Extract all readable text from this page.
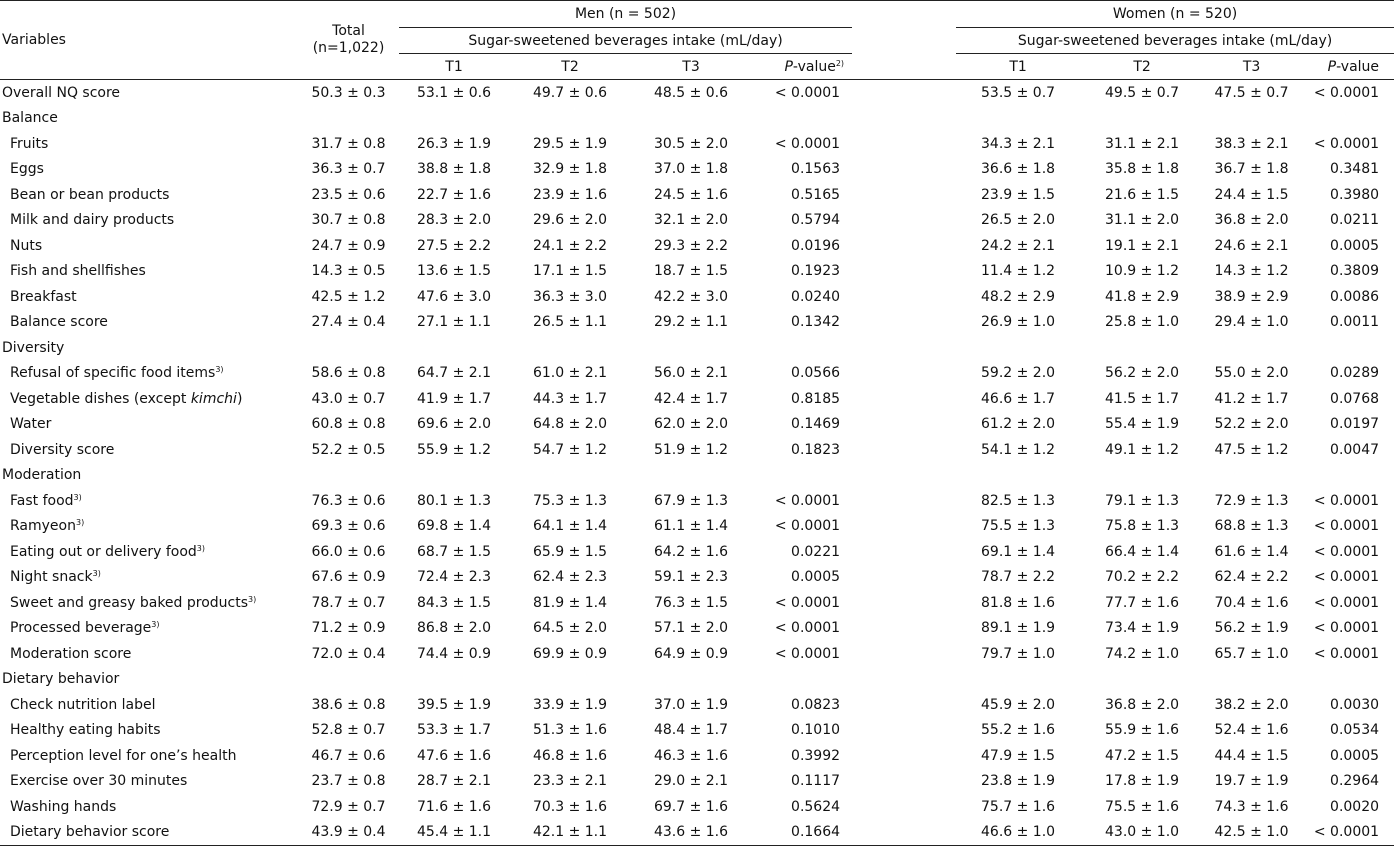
Variables	Total
(n=1,022)	Men (n = 502)					Women (n = 520)			
		Sugar-sweetened beverages intake (mL/day)					Sugar-sweetened beverages intake (mL/day)			
		T1	T2	T3	P-value$^{2)}$		T1	T2	T3	P-value
Overall NQ score	50.3 ± 0.3	53.1 ± 0.6	49.7 ± 0.6	48.5 ± 0.6	< 0.0001		53.5 ± 0.7	49.5 ± 0.7	47.5 ± 0.7	< 0.0001
Balance										
Fruits	31.7 ± 0.8	26.3 ± 1.9	29.5 ± 1.9	30.5 ± 2.0	< 0.0001		34.3 ± 2.1	31.1 ± 2.1	38.3 ± 2.1	< 0.0001
Eggs	36.3 ± 0.7	38.8 ± 1.8	32.9 ± 1.8	37.0 ± 1.8	0.1563		36.6 ± 1.8	35.8 ± 1.8	36.7 ± 1.8	0.3481
Bean or bean products	23.5 ± 0.6	22.7 ± 1.6	23.9 ± 1.6	24.5 ± 1.6	0.5165		23.9 ± 1.5	21.6 ± 1.5	24.4 ± 1.5	0.3980
Milk and dairy products	30.7 ± 0.8	28.3 ± 2.0	29.6 ± 2.0	32.1 ± 2.0	0.5794		26.5 ± 2.0	31.1 ± 2.0	36.8 ± 2.0	0.0211
Nuts	24.7 ± 0.9	27.5 ± 2.2	24.1 ± 2.2	29.3 ± 2.2	0.0196		24.2 ± 2.1	19.1 ± 2.1	24.6 ± 2.1	0.0005
Fish and shellfishes	14.3 ± 0.5	13.6 ± 1.5	17.1 ± 1.5	18.7 ± 1.5	0.1923		11.4 ± 1.2	10.9 ± 1.2	14.3 ± 1.2	0.3809
Breakfast	42.5 ± 1.2	47.6 ± 3.0	36.3 ± 3.0	42.2 ± 3.0	0.0240		48.2 ± 2.9	41.8 ± 2.9	38.9 ± 2.9	0.0086
Balance score	27.4 ± 0.4	27.1 ± 1.1	26.5 ± 1.1	29.2 ± 1.1	0.1342		26.9 ± 1.0	25.8 ± 1.0	29.4 ± 1.0	0.0011
Diversity										
Refusal of specific food items$^{3)}$	58.6 ± 0.8	64.7 ± 2.1	61.0 ± 2.1	56.0 ± 2.1	0.0566		59.2 ± 2.0	56.2 ± 2.0	55.0 ± 2.0	0.0289
Vegetable dishes (except kimchi)	43.0 ± 0.7	41.9 ± 1.7	44.3 ± 1.7	42.4 ± 1.7	0.8185		46.6 ± 1.7	41.5 ± 1.7	41.2 ± 1.7	0.0768
Water	60.8 ± 0.8	69.6 ± 2.0	64.8 ± 2.0	62.0 ± 2.0	0.1469		61.2 ± 2.0	55.4 ± 1.9	52.2 ± 2.0	0.0197
Diversity score	52.2 ± 0.5	55.9 ± 1.2	54.7 ± 1.2	51.9 ± 1.2	0.1823		54.1 ± 1.2	49.1 ± 1.2	47.5 ± 1.2	0.0047
Moderation										
Fast food$^{3)}$	76.3 ± 0.6	80.1 ± 1.3	75.3 ± 1.3	67.9 ± 1.3	< 0.0001		82.5 ± 1.3	79.1 ± 1.3	72.9 ± 1.3	< 0.0001
Ramyeon$^{3)}$	69.3 ± 0.6	69.8 ± 1.4	64.1 ± 1.4	61.1 ± 1.4	< 0.0001		75.5 ± 1.3	75.8 ± 1.3	68.8 ± 1.3	< 0.0001
Eating out or delivery food$^{3)}$	66.0 ± 0.6	68.7 ± 1.5	65.9 ± 1.5	64.2 ± 1.6	0.0221		69.1 ± 1.4	66.4 ± 1.4	61.6 ± 1.4	< 0.0001
Night snack$^{3)}$	67.6 ± 0.9	72.4 ± 2.3	62.4 ± 2.3	59.1 ± 2.3	0.0005		78.7 ± 2.2	70.2 ± 2.2	62.4 ± 2.2	< 0.0001
Sweet and greasy baked products$^{3)}$	78.7 ± 0.7	84.3 ± 1.5	81.9 ± 1.4	76.3 ± 1.5	< 0.0001		81.8 ± 1.6	77.7 ± 1.6	70.4 ± 1.6	< 0.0001
Processed beverage$^{3)}$	71.2 ± 0.9	86.8 ± 2.0	64.5 ± 2.0	57.1 ± 2.0	< 0.0001		89.1 ± 1.9	73.4 ± 1.9	56.2 ± 1.9	< 0.0001
Moderation score	72.0 ± 0.4	74.4 ± 0.9	69.9 ± 0.9	64.9 ± 0.9	< 0.0001		79.7 ± 1.0	74.2 ± 1.0	65.7 ± 1.0	< 0.0001
Dietary behavior										
Check nutrition label	38.6 ± 0.8	39.5 ± 1.9	33.9 ± 1.9	37.0 ± 1.9	0.0823		45.9 ± 2.0	36.8 ± 2.0	38.2 ± 2.0	0.0030
Healthy eating habits	52.8 ± 0.7	53.3 ± 1.7	51.3 ± 1.6	48.4 ± 1.7	0.1010		55.2 ± 1.6	55.9 ± 1.6	52.4 ± 1.6	0.0534
Perception level for one’s health	46.7 ± 0.6	47.6 ± 1.6	46.8 ± 1.6	46.3 ± 1.6	0.3992		47.9 ± 1.5	47.2 ± 1.5	44.4 ± 1.5	0.0005
Exercise over 30 minutes	23.7 ± 0.8	28.7 ± 2.1	23.3 ± 2.1	29.0 ± 2.1	0.1117		23.8 ± 1.9	17.8 ± 1.9	19.7 ± 1.9	0.2964
Washing hands	72.9 ± 0.7	71.6 ± 1.6	70.3 ± 1.6	69.7 ± 1.6	0.5624		75.7 ± 1.6	75.5 ± 1.6	74.3 ± 1.6	0.0020
Dietary behavior score	43.9 ± 0.4	45.4 ± 1.1	42.1 ± 1.1	43.6 ± 1.6	0.1664		46.6 ± 1.0	43.0 ± 1.0	42.5 ± 1.0	< 0.0001
